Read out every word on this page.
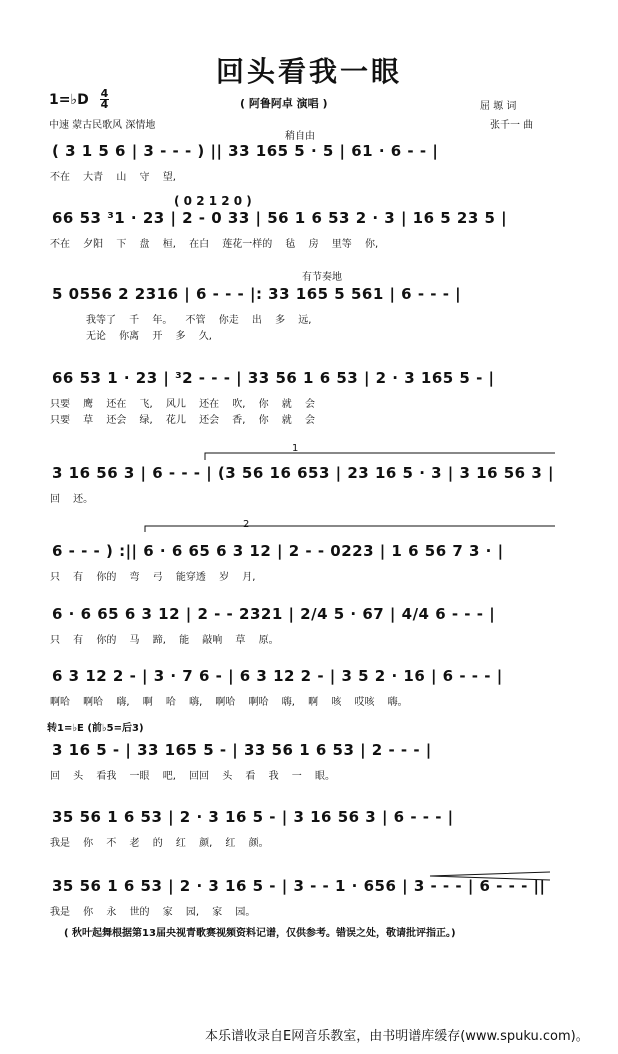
回头看我一眼
( 阿鲁阿卓 演唱 )
1=♭D 4
4
中速 蒙古民歌风 深情地
屈 塬 词
张千一 曲
稍自由
有节奏地
( 0 2 1 2 0 )
转1=♭E (前♭5=后3)
1
2
( 3 1 5 6 | 3 - - - ) || 33 165 5 · 5 | 61 · 6 - - |
不在 大青 山 守 望,
66 53 ³1 · 23 | 2 - 0 33 | 56 1 6 53 2 · 3 | 16 5 23 5 |
不在 夕阳 下 盘 桓, 在白 莲花一样的 毡 房 里等 你,
5 0556 2 2316 | 6 - - - |: 33 165 5 561 | 6 - - - |
我等了 千 年。 不管 你走 出 多 远,
无论 你离 开 多 久,
66 53 1 · 23 | ³2 - - - | 33 56 1 6 53 | 2 · 3 165 5 - |
只要 鹰 还在 飞, 风儿 还在 吹, 你 就 会
只要 草 还会 绿, 花儿 还会 香, 你 就 会
3 16 56 3 | 6 - - - | (3 56 16 653 | 23 16 5 · 3 | 3 16 56 3 |
回 还。
6 - - - ) :|| 6 · 6 65 6 3 12 | 2 - - 0223 | 1 6 56 7 3 · |
只 有 你的 弯 弓 能穿透 岁 月,
6 · 6 65 6 3 12 | 2 - - 2321 | 2/4 5 · 67 | 4/4 6 - - - |
只 有 你的 马 蹄, 能 敲响 草 原。
6 3 12 2 - | 3 · 7 6 - | 6 3 12 2 - | 3 5 2 · 16 | 6 - - - |
啊哈 啊哈 嗨, 啊 哈 嗨, 啊哈 啊哈 嗨, 啊 咳 哎咳 嗨。
3 16 5 - | 33 165 5 - | 33 56 1 6 53 | 2 - - - |
回 头 看我 一眼 吧, 回回 头 看 我 一 眼。
35 56 1 6 53 | 2 · 3 16 5 - | 3 16 56 3 | 6 - - - |
我是 你 不 老 的 红 颜, 红 颜。
35 56 1 6 53 | 2 · 3 16 5 - | 3 - - 1 · 656 | 3 - - - | 6 - - - ||
我是 你 永 世的 家 园, 家 园。
( 秋叶起舞根据第13届央视青歌赛视频资料记谱，仅供参考。错误之处，敬请批评指正。)
本乐谱收录自E网音乐教室，由书明谱库缓存(www.spuku.com)。
